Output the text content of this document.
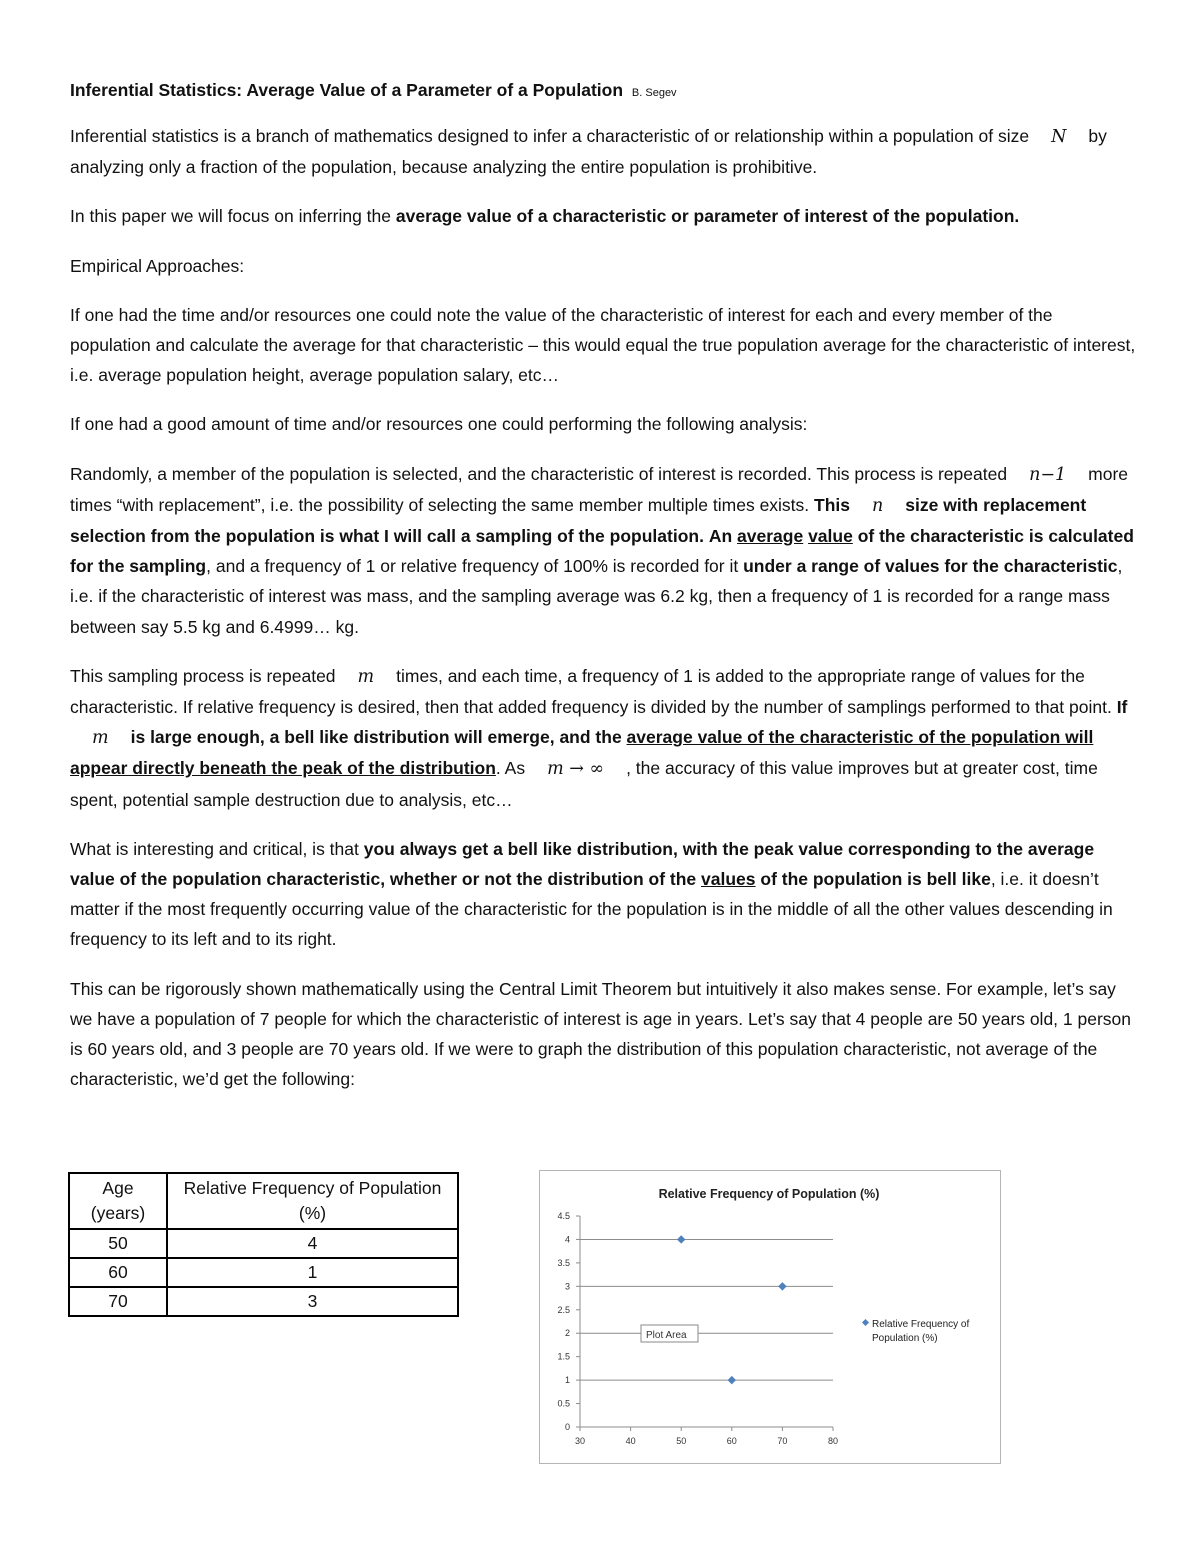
Inferential Statistics: Average Value of a Parameter of a Population B. Segev

Inferential statistics is a branch of mathematics designed to infer a characteristic of or relationship within a population of size N by analyzing only a fraction of the population, because analyzing the entire population is prohibitive.

In this paper we will focus on inferring the average value of a characteristic or parameter of interest of the population.

Empirical Approaches:

If one had the time and/or resources one could note the value of the characteristic of interest for each and every member of the population and calculate the average for that characteristic – this would equal the true population average for the characteristic of interest, i.e. average population height, average population salary, etc…

If one had a good amount of time and/or resources one could performing the following analysis:

Randomly, a member of the population is selected, and the characteristic of interest is recorded. This process is repeated n−1 more times “with replacement”, i.e. the possibility of selecting the same member multiple times exists. This n size with replacement selection from the population is what I will call a sampling of the population. An average value of the characteristic is calculated for the sampling, and a frequency of 1 or relative frequency of 100% is recorded for it under a range of values for the characteristic, i.e. if the characteristic of interest was mass, and the sampling average was 6.2 kg, then a frequency of 1 is recorded for a range mass between say 5.5 kg and 6.4999… kg.

This sampling process is repeated m times, and each time, a frequency of 1 is added to the appropriate range of values for the characteristic. If relative frequency is desired, then that added frequency is divided by the number of samplings performed to that point. Ifm is large enough, a bell like distribution will emerge, and the average value of the characteristic of the population will appear directly beneath the peak of the distribution. As m → ∞ , the accuracy of this value improves but at greater cost, time spent, potential sample destruction due to analysis, etc…

What is interesting and critical, is that you always get a bell like distribution, with the peak value corresponding to the average value of the population characteristic, whether or not the distribution of the values of the population is bell like, i.e. it doesn’t matter if the most frequently occurring value of the characteristic for the population is in the middle of all the other values descending in frequency to its left and to its right.

This can be rigorously shown mathematically using the Central Limit Theorem but intuitively it also makes sense. For example, let’s say we have a population of 7 people for which the characteristic of interest is age in years. Let’s say that 4 people are 50 years old, 1 person is 60 years old, and 3 people are 70 years old. If we were to graph the distribution of this population characteristic, not average of the characteristic, we’d get the following:

Age (years)	Relative Frequency of Population (%)
50	4
60	1
70	3
Relative Frequency of Population (%)
0
0.5
1
1.5
2
2.5
3
3.5
4
4.5
30	40	50	60	70	80
Plot Area
Relative Frequency of
Population (%)
